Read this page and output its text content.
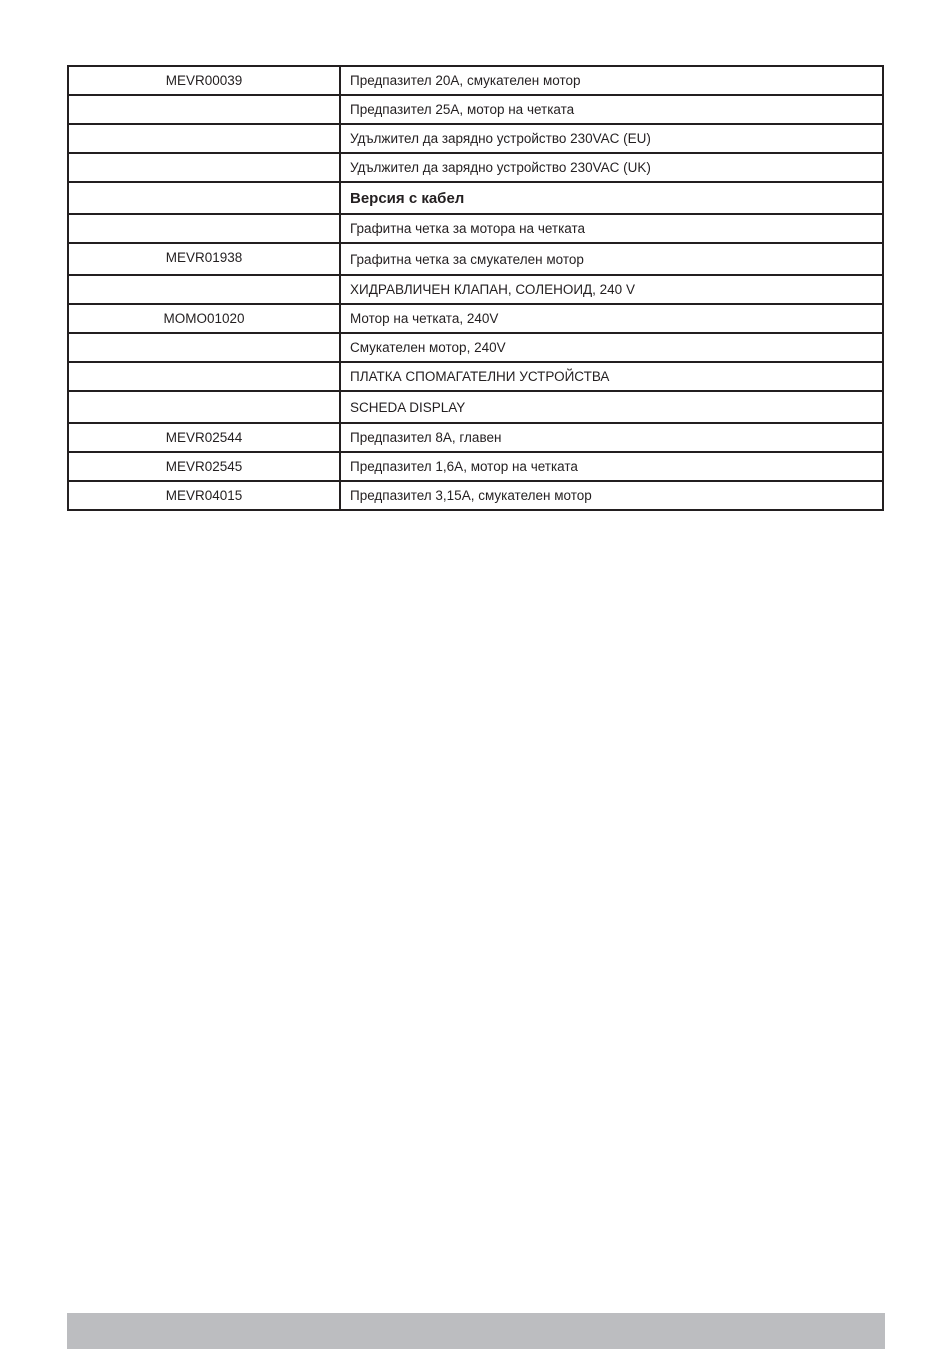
MEVR00039	Предпазител 20A, смукателен мотор
	Предпазител 25A, мотор на четката
	Удължител да зарядно устройство 230VAC (EU)
	Удължител да зарядно устройство 230VAC (UK)
	Версия с кабел
	Графитна четка за мотора на четката
MEVR01938	Графитна четка за смукателен мотор
	ХИДРАВЛИЧЕН КЛАПАН, СОЛЕНОИД, 240 V
MOMO01020	Мотор на четката, 240V
	Смукателен мотор, 240V
	ПЛАТКА СПОМАГАТЕЛНИ УСТРОЙСТВА
	SCHEDA DISPLAY
MEVR02544	Предпазител 8A, главен
MEVR02545	Предпазител 1,6A, мотор на четката
MEVR04015	Предпазител 3,15A, смукателен мотор
